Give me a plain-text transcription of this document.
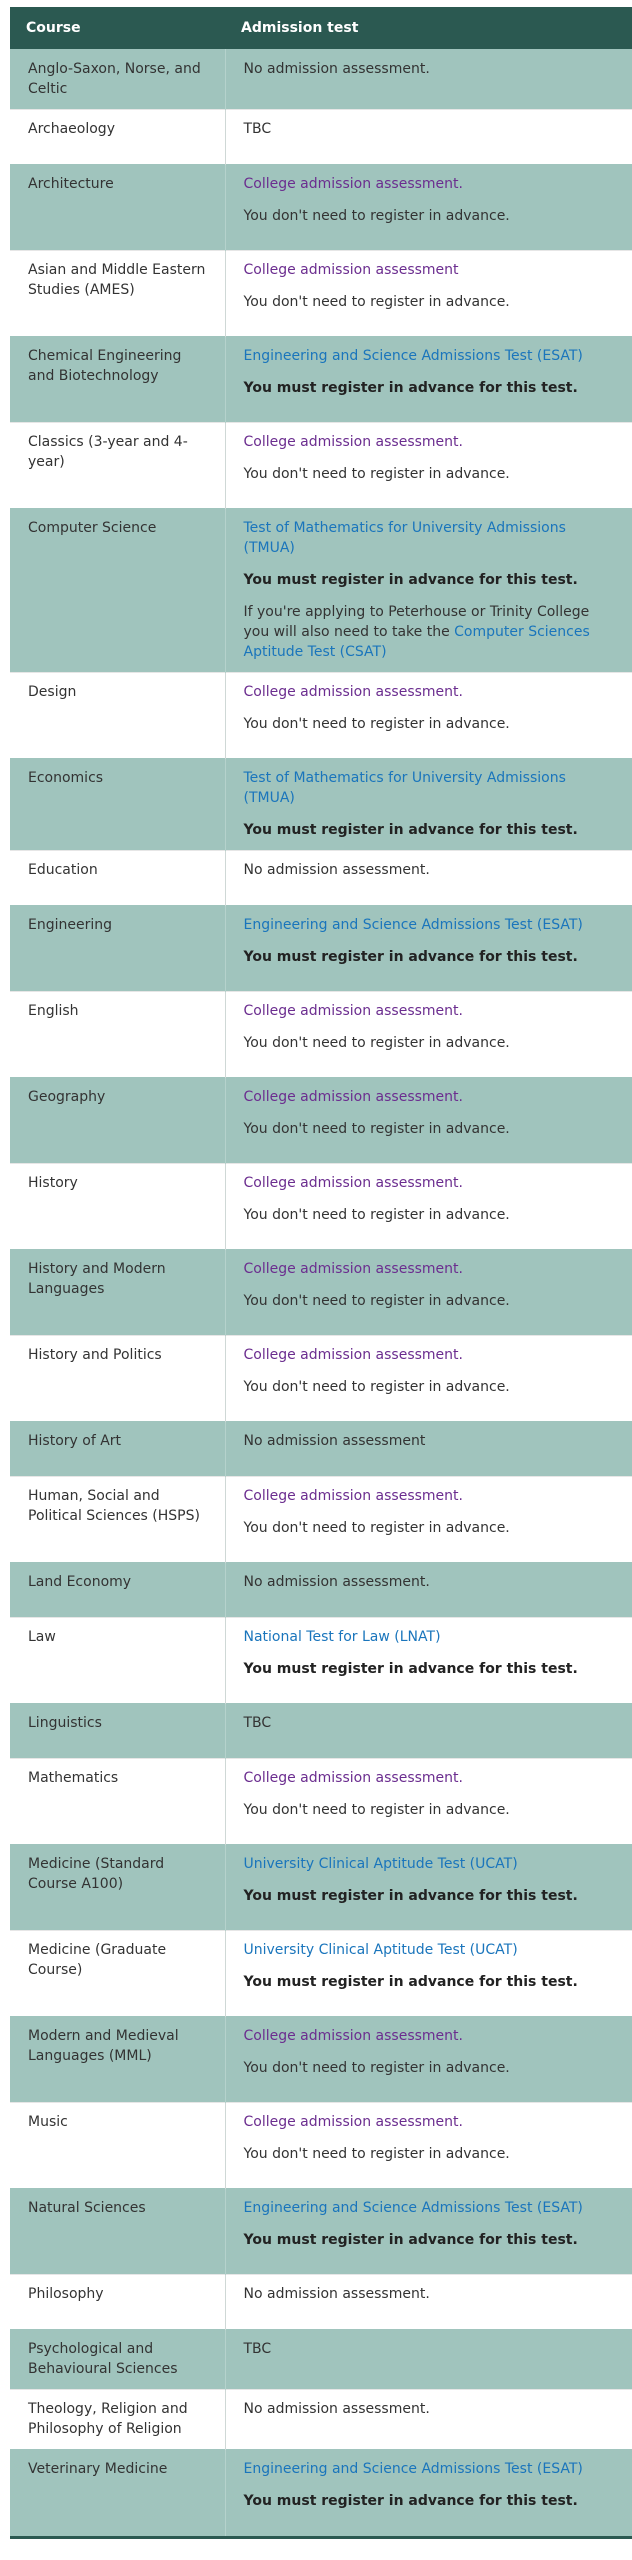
Course	Admission test
Anglo-Saxon, Norse, and Celtic	No admission assessment.

Archaeology	TBC

Architecture	College admission assessment.
You don't need to register in advance.

Asian and Middle Eastern Studies (AMES)	College admission assessment
You don't need to register in advance.

Chemical Engineering and Biotechnology	Engineering and Science Admissions Test (ESAT)
You must register in advance for this test.

Classics (3-year and 4-year)	College admission assessment.
You don't need to register in advance.

Computer Science	Test of Mathematics for University Admissions (TMUA)
You must register in advance for this test.
If you're applying to Peterhouse or Trinity College you will also need to take the Computer Sciences Aptitude Test (CSAT)

Design	College admission assessment.
You don't need to register in advance.

Economics	Test of Mathematics for University Admissions (TMUA)
You must register in advance for this test.

Education	No admission assessment.

Engineering	Engineering and Science Admissions Test (ESAT)
You must register in advance for this test.

English	College admission assessment.
You don't need to register in advance.

Geography	College admission assessment.
You don't need to register in advance.

History	College admission assessment.
You don't need to register in advance.

History and Modern Languages	College admission assessment.
You don't need to register in advance.

History and Politics	College admission assessment.
You don't need to register in advance.

History of Art	No admission assessment

Human, Social and Political Sciences (HSPS)	College admission assessment.
You don't need to register in advance.

Land Economy	No admission assessment.

Law	National Test for Law (LNAT)
You must register in advance for this test.

Linguistics	TBC

Mathematics	College admission assessment.
You don't need to register in advance.

Medicine (Standard Course A100)	University Clinical Aptitude Test (UCAT)
You must register in advance for this test.

Medicine (Graduate Course)	University Clinical Aptitude Test (UCAT)
You must register in advance for this test.

Modern and Medieval Languages (MML)	College admission assessment.
You don't need to register in advance.

Music	College admission assessment.
You don't need to register in advance.

Natural Sciences	Engineering and Science Admissions Test (ESAT)
You must register in advance for this test.

Philosophy	No admission assessment.

Psychological and Behavioural Sciences	TBC

Theology, Religion and Philosophy of Religion	No admission assessment.

Veterinary Medicine	Engineering and Science Admissions Test (ESAT)
You must register in advance for this test.
